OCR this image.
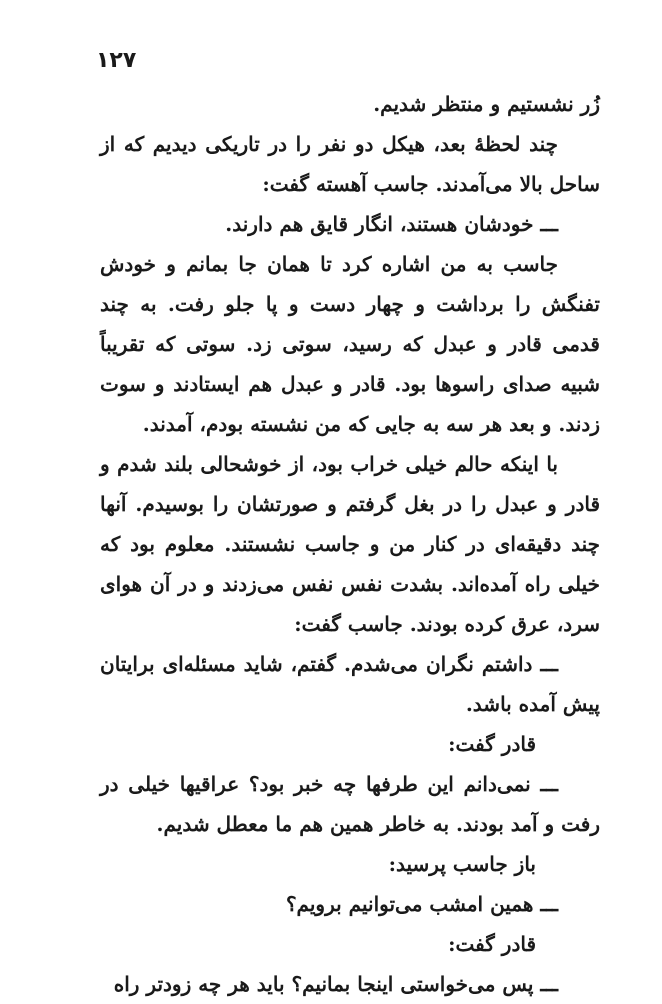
۱۲۷

زُر نشستیم و منتظر شدیم.

چند لحظهٔ بعد، هیکل دو نفر را در تاریکی دیدیم که از ساحل بالا می‌آمدند. جاسب آهسته گفت:

ـــ خودشان هستند، انگار قایق هم دارند.

جاسب به من اشاره کرد تا همان جا بمانم و خودش تفنگش را برداشت و چهار دست و پا جلو رفت. به چند قدمی قادر و عبدل که رسید، سوتی زد. سوتی که تقریباً شبیه صدای راسوها بود. قادر و عبدل هم ایستادند و سوت زدند. و بعد هر سه به جایی که من نشسته بودم، آمدند.

با اینکه حالم خیلی خراب بود، از خوشحالی بلند شدم و قادر و عبدل را در بغل گرفتم و صورتشان را بوسیدم. آنها چند دقیقه‌ای در کنار من و جاسب نشستند. معلوم بود که خیلی راه آمده‌اند. بشدت نفس نفس می‌زدند و در آن هوای سرد، عرق کرده بودند. جاسب گفت:

ـــ داشتم نگران می‌شدم. گفتم، شاید مسئله‌ای برایتان پیش آمده باشد.

قادر گفت:

ـــ نمی‌دانم این طرفها چه خبر بود؟ عراقیها خیلی در رفت و آمد بودند. به خاطر همین هم ما معطل شدیم.

باز جاسب پرسید:

ـــ همین امشب می‌توانیم برویم؟

قادر گفت:

ـــ پس می‌خواستی اینجا بمانیم؟ باید هر چه زودتر راه
